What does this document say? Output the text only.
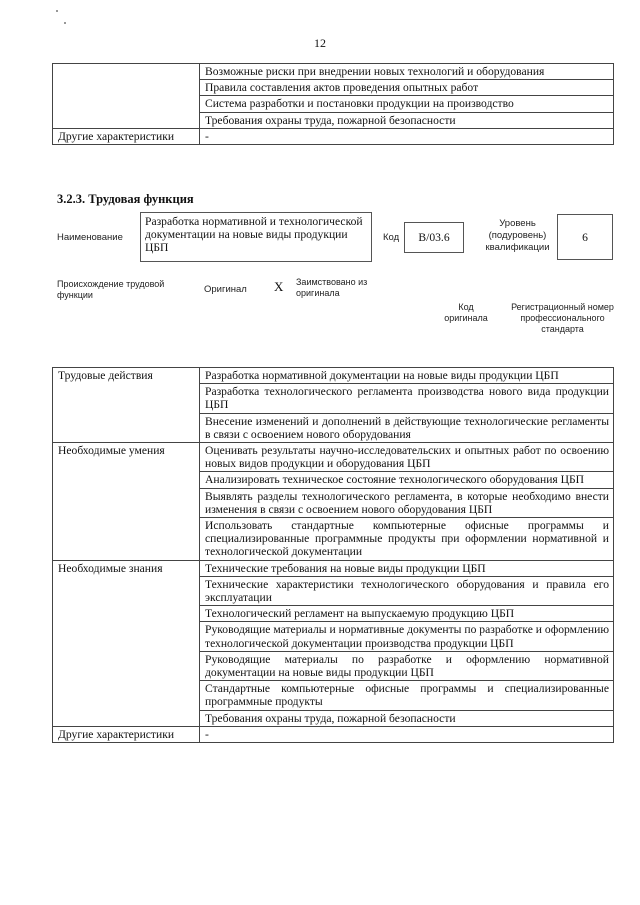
12
	Возможные риски при внедрении новых технологий и оборудования
	Правила составления актов проведения опытных работ
	Система разработки и постановки продукции на производство
	Требования охраны труда, пожарной безопасности
Другие характеристики	-
3.2.3. Трудовая функция
Наименование
Разработка нормативной и технологической документации на новые виды продукции ЦБП
Код	B/03.6
Уровень (подуровень) квалификации
6
Происхождение трудовой функции	Оригинал X Заимствовано из оригинала
Код оригинала
Регистрационный номер профессионального стандарта
Трудовые действия	Разработка нормативной документации на новые виды продукции ЦБП
	Разработка технологического регламента производства нового вида продукции ЦБП
	Внесение изменений и дополнений в действующие технологические регламенты в связи с освоением нового оборудования
Необходимые умения	Оценивать результаты научно-исследовательских и опытных работ по освоению новых видов продукции и оборудования ЦБП
	Анализировать техническое состояние технологического оборудования ЦБП
	Выявлять разделы технологического регламента, в которые необходимо внести изменения в связи с освоением нового оборудования ЦБП
	Использовать стандартные компьютерные офисные программы и специализированные программные продукты при оформлении нормативной и технологической документации
Необходимые знания	Технические требования на новые виды продукции ЦБП
	Технические характеристики технологического оборудования и правила его эксплуатации
	Технологический регламент на выпускаемую продукцию ЦБП
	Руководящие материалы и нормативные документы по разработке и оформлению технологической документации производства продукции ЦБП
	Руководящие материалы по разработке и оформлению нормативной документации на новые виды продукции ЦБП
	Стандартные компьютерные офисные программы и специализированные программные продукты
	Требования охраны труда, пожарной безопасности
Другие характеристики	-
